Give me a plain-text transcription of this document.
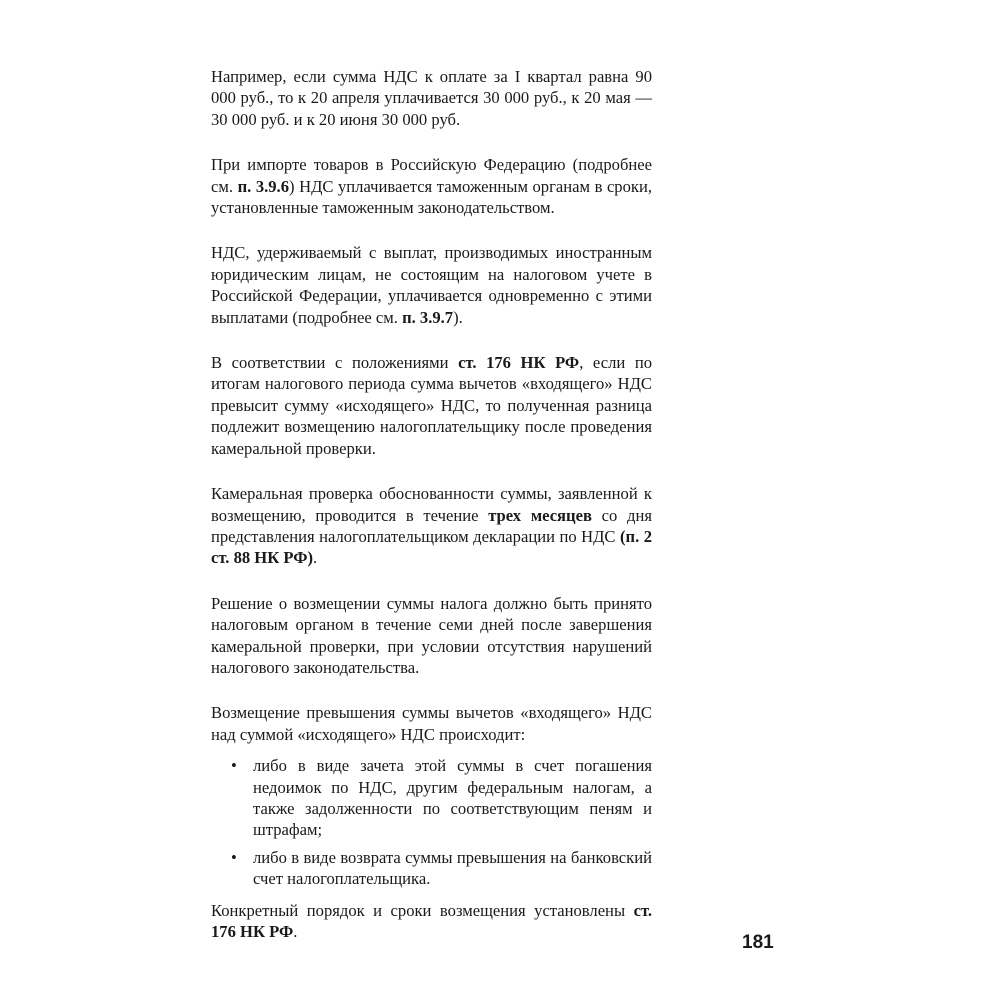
Например, если сумма НДС к оплате за I квартал равна 90 000 руб., то к 20 апреля уплачивается 30 000 руб., к 20 мая — 30 000 руб. и к 20 июня 30 000 руб.

При импорте товаров в Российскую Федерацию (подробнее см. п. 3.9.6) НДС уплачивается таможенным органам в сроки, установленные таможенным законодательством.

НДС, удерживаемый с выплат, производимых иностранным юридическим лицам, не состоящим на налоговом учете в Российской Федерации, уплачивается одновременно с этими выплатами (подробнее см. п. 3.9.7).

В соответствии с положениями ст. 176 НК РФ, если по итогам налогового периода сумма вычетов «входящего» НДС превысит сумму «исходящего» НДС, то полученная разница подлежит возмещению налогоплательщику после проведения камеральной проверки.

Камеральная проверка обоснованности суммы, заявленной к возмещению, проводится в течение трех месяцев со дня представления налогоплательщиком декларации по НДС (п. 2 ст. 88 НК РФ).

Решение о возмещении суммы налога должно быть принято налоговым органом в течение семи дней после завершения камеральной проверки, при условии отсутствия нарушений налогового законодательства.

Возмещение превышения суммы вычетов «входящего» НДС над суммой «исходящего» НДС происходит:

• либо в виде зачета этой суммы в счет погашения недоимок по НДС, другим федеральным налогам, а также задолженности по соответствующим пеням и штрафам;
• либо в виде возврата суммы превышения на банковский счет налогоплательщика.

Конкретный порядок и сроки возмещения установлены ст. 176 НК РФ.

181
